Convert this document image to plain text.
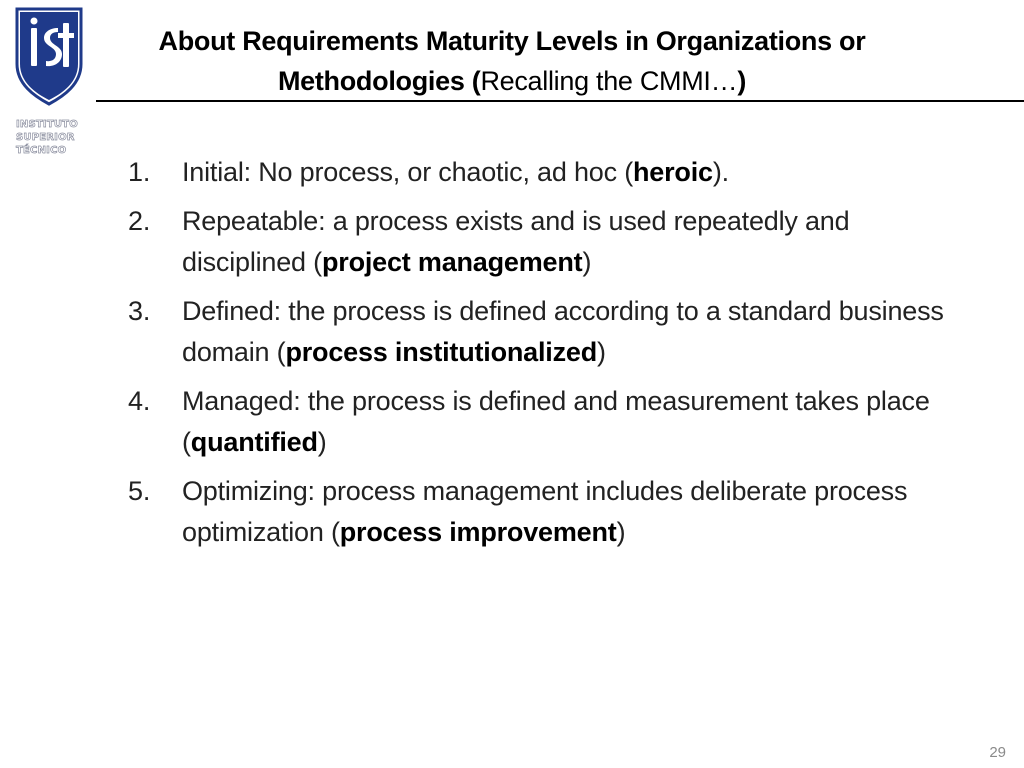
INSTITUTO
SUPERIOR
TÉCNICO
About Requirements Maturity Levels in Organizations or
Methodologies (Recalling the CMMI…)
1. Initial: No process, or chaotic, ad hoc (heroic).
2. Repeatable: a process exists and is used repeatedly and disciplined (project management)
3. Defined: the process is defined according to a standard business domain (process institutionalized)
4. Managed: the process is defined and measurement takes place (quantified)
5. Optimizing: process management includes deliberate process optimization (process improvement)
29
